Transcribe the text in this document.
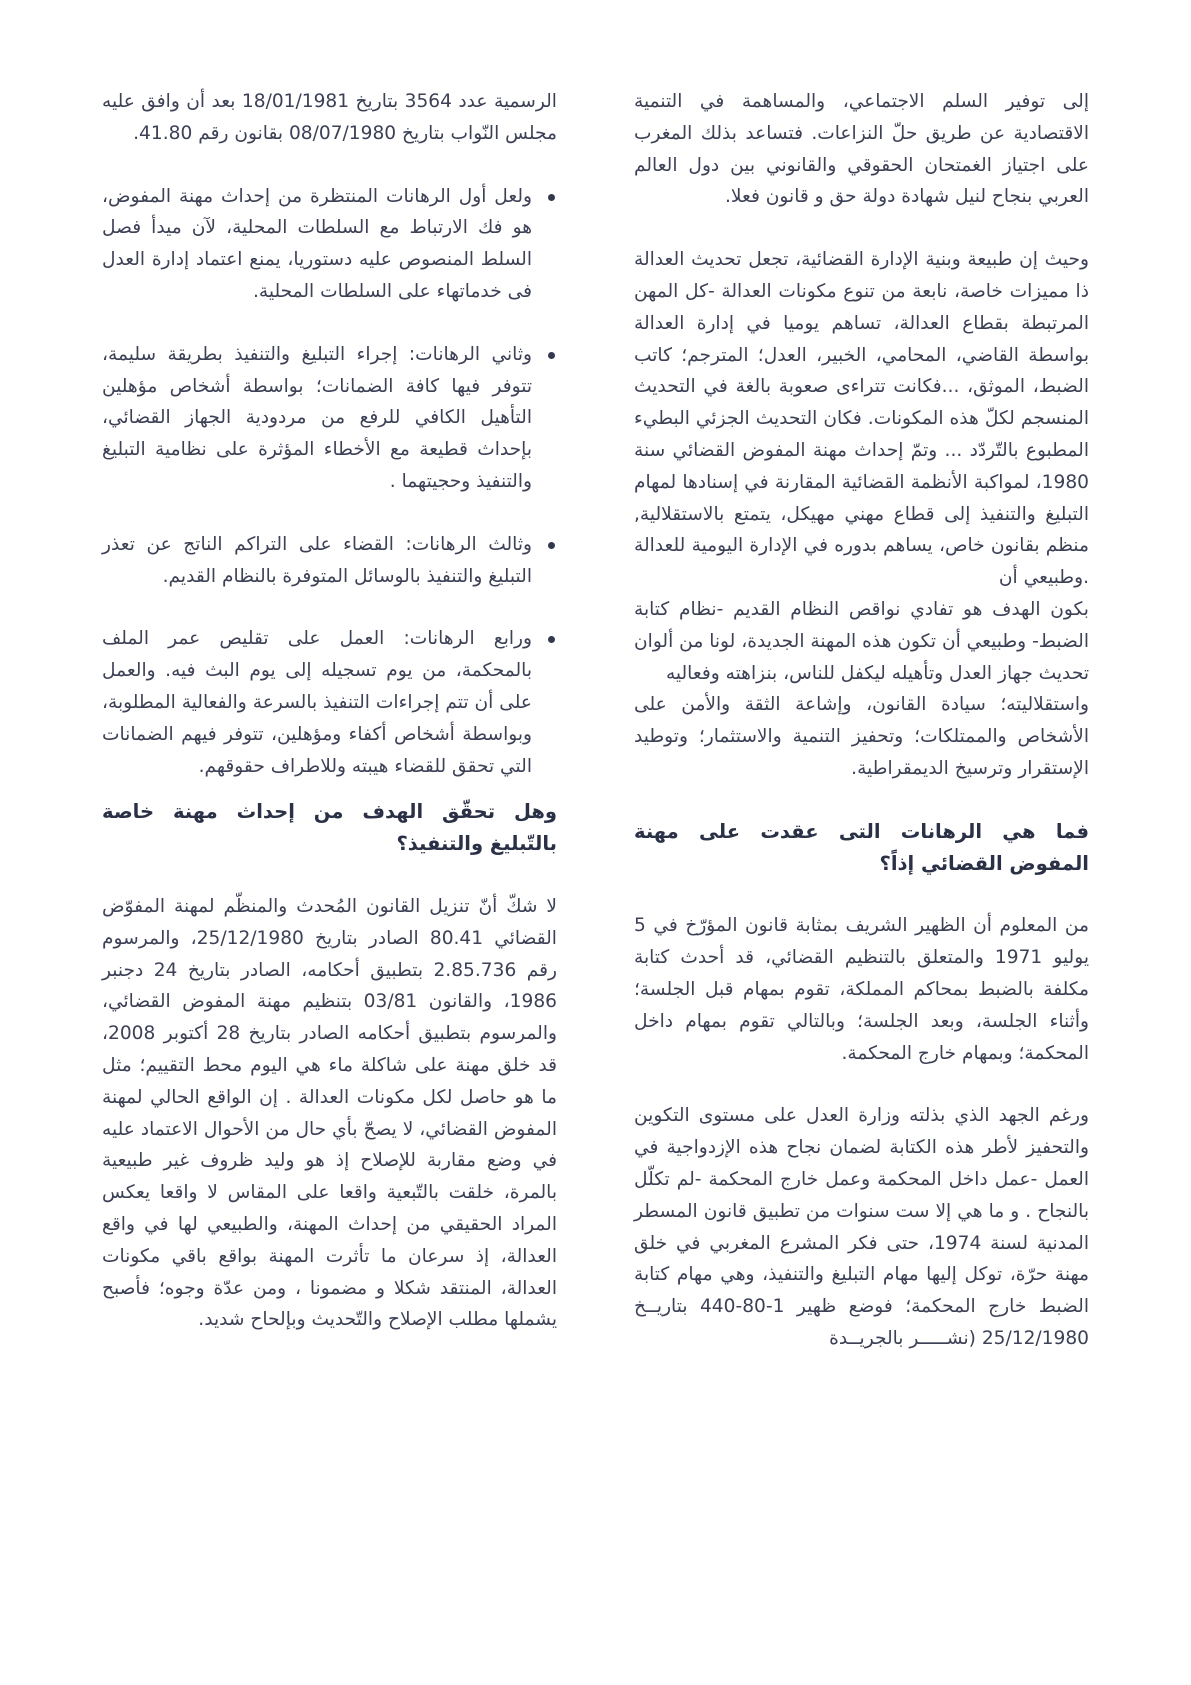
إلى توفير السلم الاجتماعي، والمساهمة في التنمية الاقتصادية عن طريق حلّ النزاعات. فتساعد بذلك المغرب على اجتياز الغمتحان الحقوقي والقانوني بين دول العالم العربي بنجاح لنيل شهادة دولة حق و قانون فعلا.

وحيث إن طبيعة وبنية الإدارة القضائية، تجعل تحديث العدالة ذا مميزات خاصة، نابعة من تنوع مكونات العدالة -كل المهن المرتبطة بقطاع العدالة، تساهم يوميا في إدارة العدالة بواسطة القاضي، المحامي، الخبير، العدل؛ المترجم؛ كاتب الضبط، الموثق، ...فكانت تتراءى صعوبة بالغة في التحديث المنسجم لكلّ هذه المكونات. فكان التحديث الجزئي البطيء المطبوع بالتّردّد ... وتمّ إحداث مهنة المفوض القضائي سنة 1980، لمواكبة الأنظمة القضائية المقارنة في إسنادها لمهام التبليغ والتنفيذ إلى قطاع مهني مهيكل، يتمتع بالاستقلالية, منظم بقانون خاص، يساهم بدوره في الإدارة اليومية للعدالة .وطبيعي أن

بكون الهدف هو تفادي نواقص النظام القديم -نظام كتابة الضبط- وطبيعي أن تكون هذه المهنة الجديدة، لونا من ألوان تحديث جهاز العدل وتأهيله ليكفل للناس، بنزاهته وفعاليه

واستقلاليته؛ سيادة القانون، وإشاعة الثقة والأمن على الأشخاص والممتلكات؛ وتحفيز التنمية والاستثمار؛ وتوطيد الإستقرار وترسيخ الديمقراطية.

فما هي الرهانات التى عقدت على مهنة المفوض القضائي إذاً؟

من المعلوم أن الظهير الشريف بمثابة قانون المؤرّخ في 5 يوليو 1971 والمتعلق بالتنظيم القضائي، قد أحدث كتابة مكلفة بالضبط بمحاكم المملكة، تقوم بمهام قبل الجلسة؛ وأثناء الجلسة، وبعد الجلسة؛ وبالتالي تقوم بمهام داخل المحكمة؛ وبمهام خارج المحكمة.

ورغم الجهد الذي بذلته وزارة العدل على مستوى التكوين والتحفيز لأطر هذه الكتابة لضمان نجاح هذه الإزدواجية في العمل -عمل داخل المحكمة وعمل خارج المحكمة -لم تكلّل بالنجاح . و ما هي إلا ست سنوات من تطبيق قانون المسطر المدنية لسنة 1974، حتى فكر المشرع المغربي في خلق مهنة حرّة، توكل إليها مهام التبليغ والتنفيذ، وهي مهام كتابة الضبط خارج المحكمة؛ فوضع ظهير 1-80-440 بتاريــخ 25/12/1980 (نشـــــر بالجريــدة

الرسمية عدد 3564 بتاريخ 18/01/1981 بعد أن وافق عليه مجلس النّواب بتاريخ 08/07/1980 بقانون رقم 41.80.

ولعل أول الرهانات المنتظرة من إحداث مهنة المفوض، هو فك الارتباط مع السلطات المحلية، لآن ميدأ فصل السلط المنصوص عليه دستوريا، يمنع اعتماد إدارة العدل فى خدماتهاء على السلطات المحلية.
وثاني الرهانات: إجراء التبليغ والتنفيذ بطريقة سليمة، تتوفر فيها كافة الضمانات؛ بواسطة أشخاص مؤهلين التأهيل الكافي للرفع من مردودية الجهاز القضائي، بإحداث قطيعة مع الأخطاء المؤثرة على نظامية التبليغ والتنفيذ وحجيتهما .
وثالث الرهانات: القضاء على التراكم الناتج عن تعذر التبليغ والتنفيذ بالوسائل المتوفرة بالنظام القديم.
ورابع الرهانات: العمل على تقليص عمر الملف بالمحكمة، من يوم تسجيله إلى يوم البث فيه. والعمل على أن تتم إجراءات التنفيذ بالسرعة والفعالية المطلوبة، وبواسطة أشخاص أكفاء ومؤهلين، تتوفر فيهم الضمانات التي تحقق للقضاء هيبته وللاطراف حقوقهم.
وهل تحقّق الهدف من إحداث مهنة خاصة بالتّبليغ والتنفيذ؟

لا شكّ أنّ تنزيل القانون المُحدث والمنظّم لمهنة المفوّض القضائي 80.41 الصادر بتاريخ 25/12/1980، والمرسوم رقم 2.85.736 بتطبيق أحكامه، الصادر بتاريخ 24 دجنبر 1986، والقانون 03/81 بتنظيم مهنة المفوض القضائي، والمرسوم بتطبيق أحكامه الصادر بتاريخ 28 أكتوبر 2008، قد خلق مهنة على شاكلة ماء هي اليوم محط التقييم؛ مثل ما هو حاصل لكل مكونات العدالة . إن الواقع الحالي لمهنة المفوض القضائي، لا يصحّ بأي حال من الأحوال الاعتماد عليه في وضع مقاربة للإصلاح إذ هو وليد ظروف غير طبيعية بالمرة، خلقت بالتّبعية واقعا على المقاس لا واقعا يعكس المراد الحقيقي من إحداث المهنة، والطبيعي لها في واقع العدالة، إذ سرعان ما تأثرت المهنة بواقع باقي مكونات العدالة، المنتقد شكلا و مضمونا ، ومن عدّة وجوه؛ فأصبح يشملها مطلب الإصلاح والتّحديث وبإلحاح شديد.
